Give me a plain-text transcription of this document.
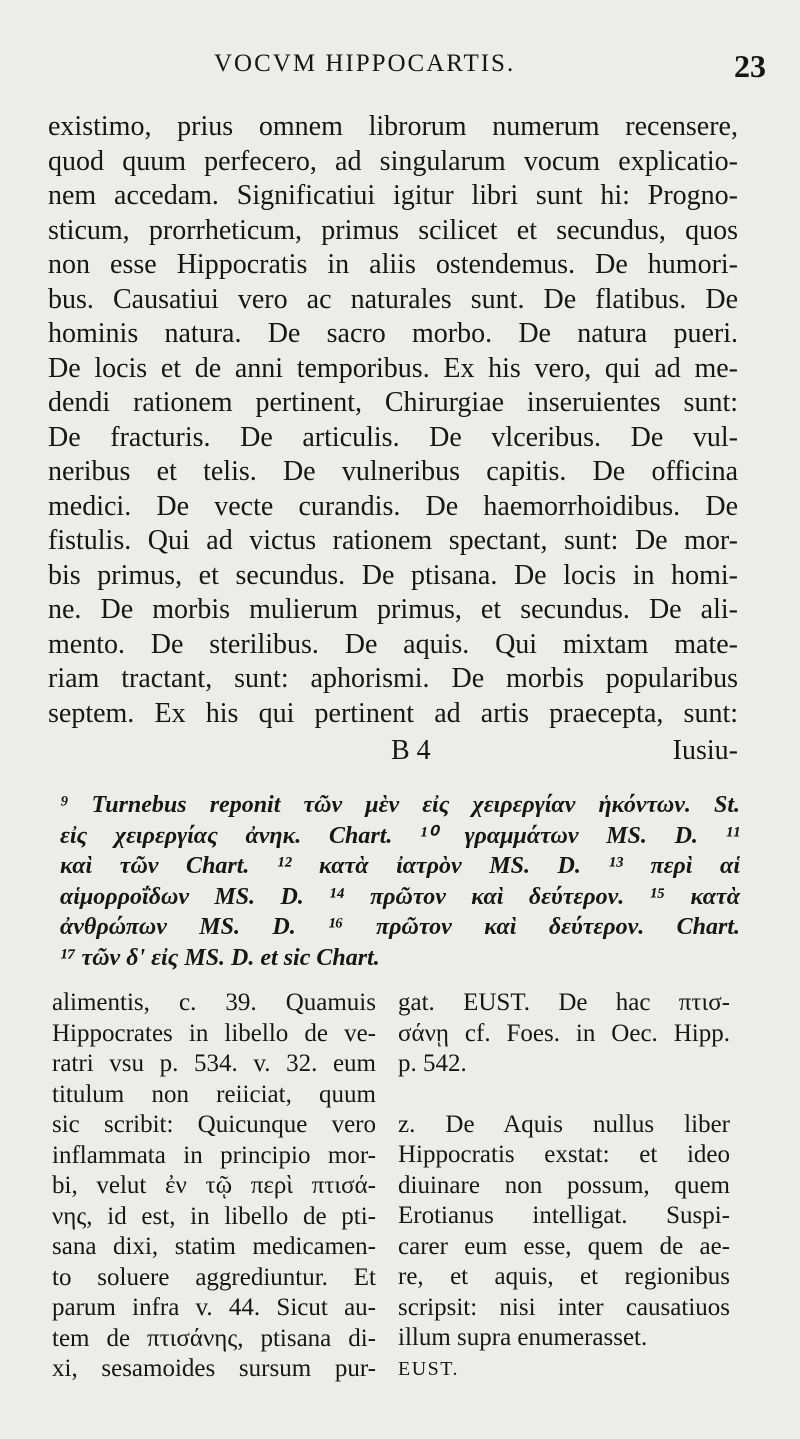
VOCVM HIPPOCARTIS.	23
existimo, prius omnem librorum numerum recensere,
quod quum perfecero, ad singularum vocum explicatio-
nem accedam. Significatiui igitur libri sunt hi: Progno-
sticum, prorrheticum, primus scilicet et secundus, quos
non esse Hippocratis in aliis ostendemus. De humori-
bus. Causatiui vero ac naturales sunt. De flatibus. De
hominis natura. De sacro morbo. De natura pueri.
De locis et de anni temporibus. Ex his vero, qui ad me-
dendi rationem pertinent, Chirurgiae inseruientes sunt:
De fracturis. De articulis. De vlceribus. De vul-
neribus et telis. De vulneribus capitis. De officina
medici. De vecte curandis. De haemorrhoidibus. De
fistulis. Qui ad victus rationem spectant, sunt: De mor-
bis primus, et secundus. De ptisana. De locis in homi-
ne. De morbis mulierum primus, et secundus. De ali-
mento. De sterilibus. De aquis. Qui mixtam mate-
riam tractant, sunt: aphorismi. De morbis popularibus
septem. Ex his qui pertinent ad artis praecepta, sunt:
B 4	Iusiu-
⁹ Turnebus reponit τῶν μὲν εἰς χειρεργίαν ἡκόντων. St.
εἰς χειρεργίας ἀνηκ. Chart. ¹⁰ γραμμάτων MS. D. ¹¹
καὶ τῶν Chart. ¹² κατὰ ἰατρὸν MS. D. ¹³ περὶ αἱ
αἱμορροΐδων MS. D. ¹⁴ πρῶτον καὶ δεύτερον. ¹⁵ κατὰ
ἀνθρώπων MS. D. ¹⁶ πρῶτον καὶ δεύτερον. Chart.
¹⁷ τῶν δ' εἰς MS. D. et sic Chart.
alimentis, c. 39. Quamuis
Hippocrates in libello de ve-
ratri vsu p. 534. v. 32. eum
titulum non reiiciat, quum
sic scribit: Quicunque vero
inflammata in principio mor-
bi, velut ἐν τῷ περὶ πτισά-
νης, id est, in libello de pti-
sana dixi, statim medicamen-
to soluere aggrediuntur. Et
parum infra v. 44. Sicut au-
tem de πτισάνης, ptisana di-
xi, sesamoides sursum pur-
gat. EUST. De hac πτισ-
σάνῃ cf. Foes. in Oec. Hipp.
p. 542.
z. De Aquis nullus liber
Hippocratis exstat: et ideo
diuinare non possum, quem
Erotianus intelligat. Suspi-
carer eum esse, quem de ae-
re, et aquis, et regionibus
scripsit: nisi inter causatiuos
illum supra enumerasset.
EUST.
